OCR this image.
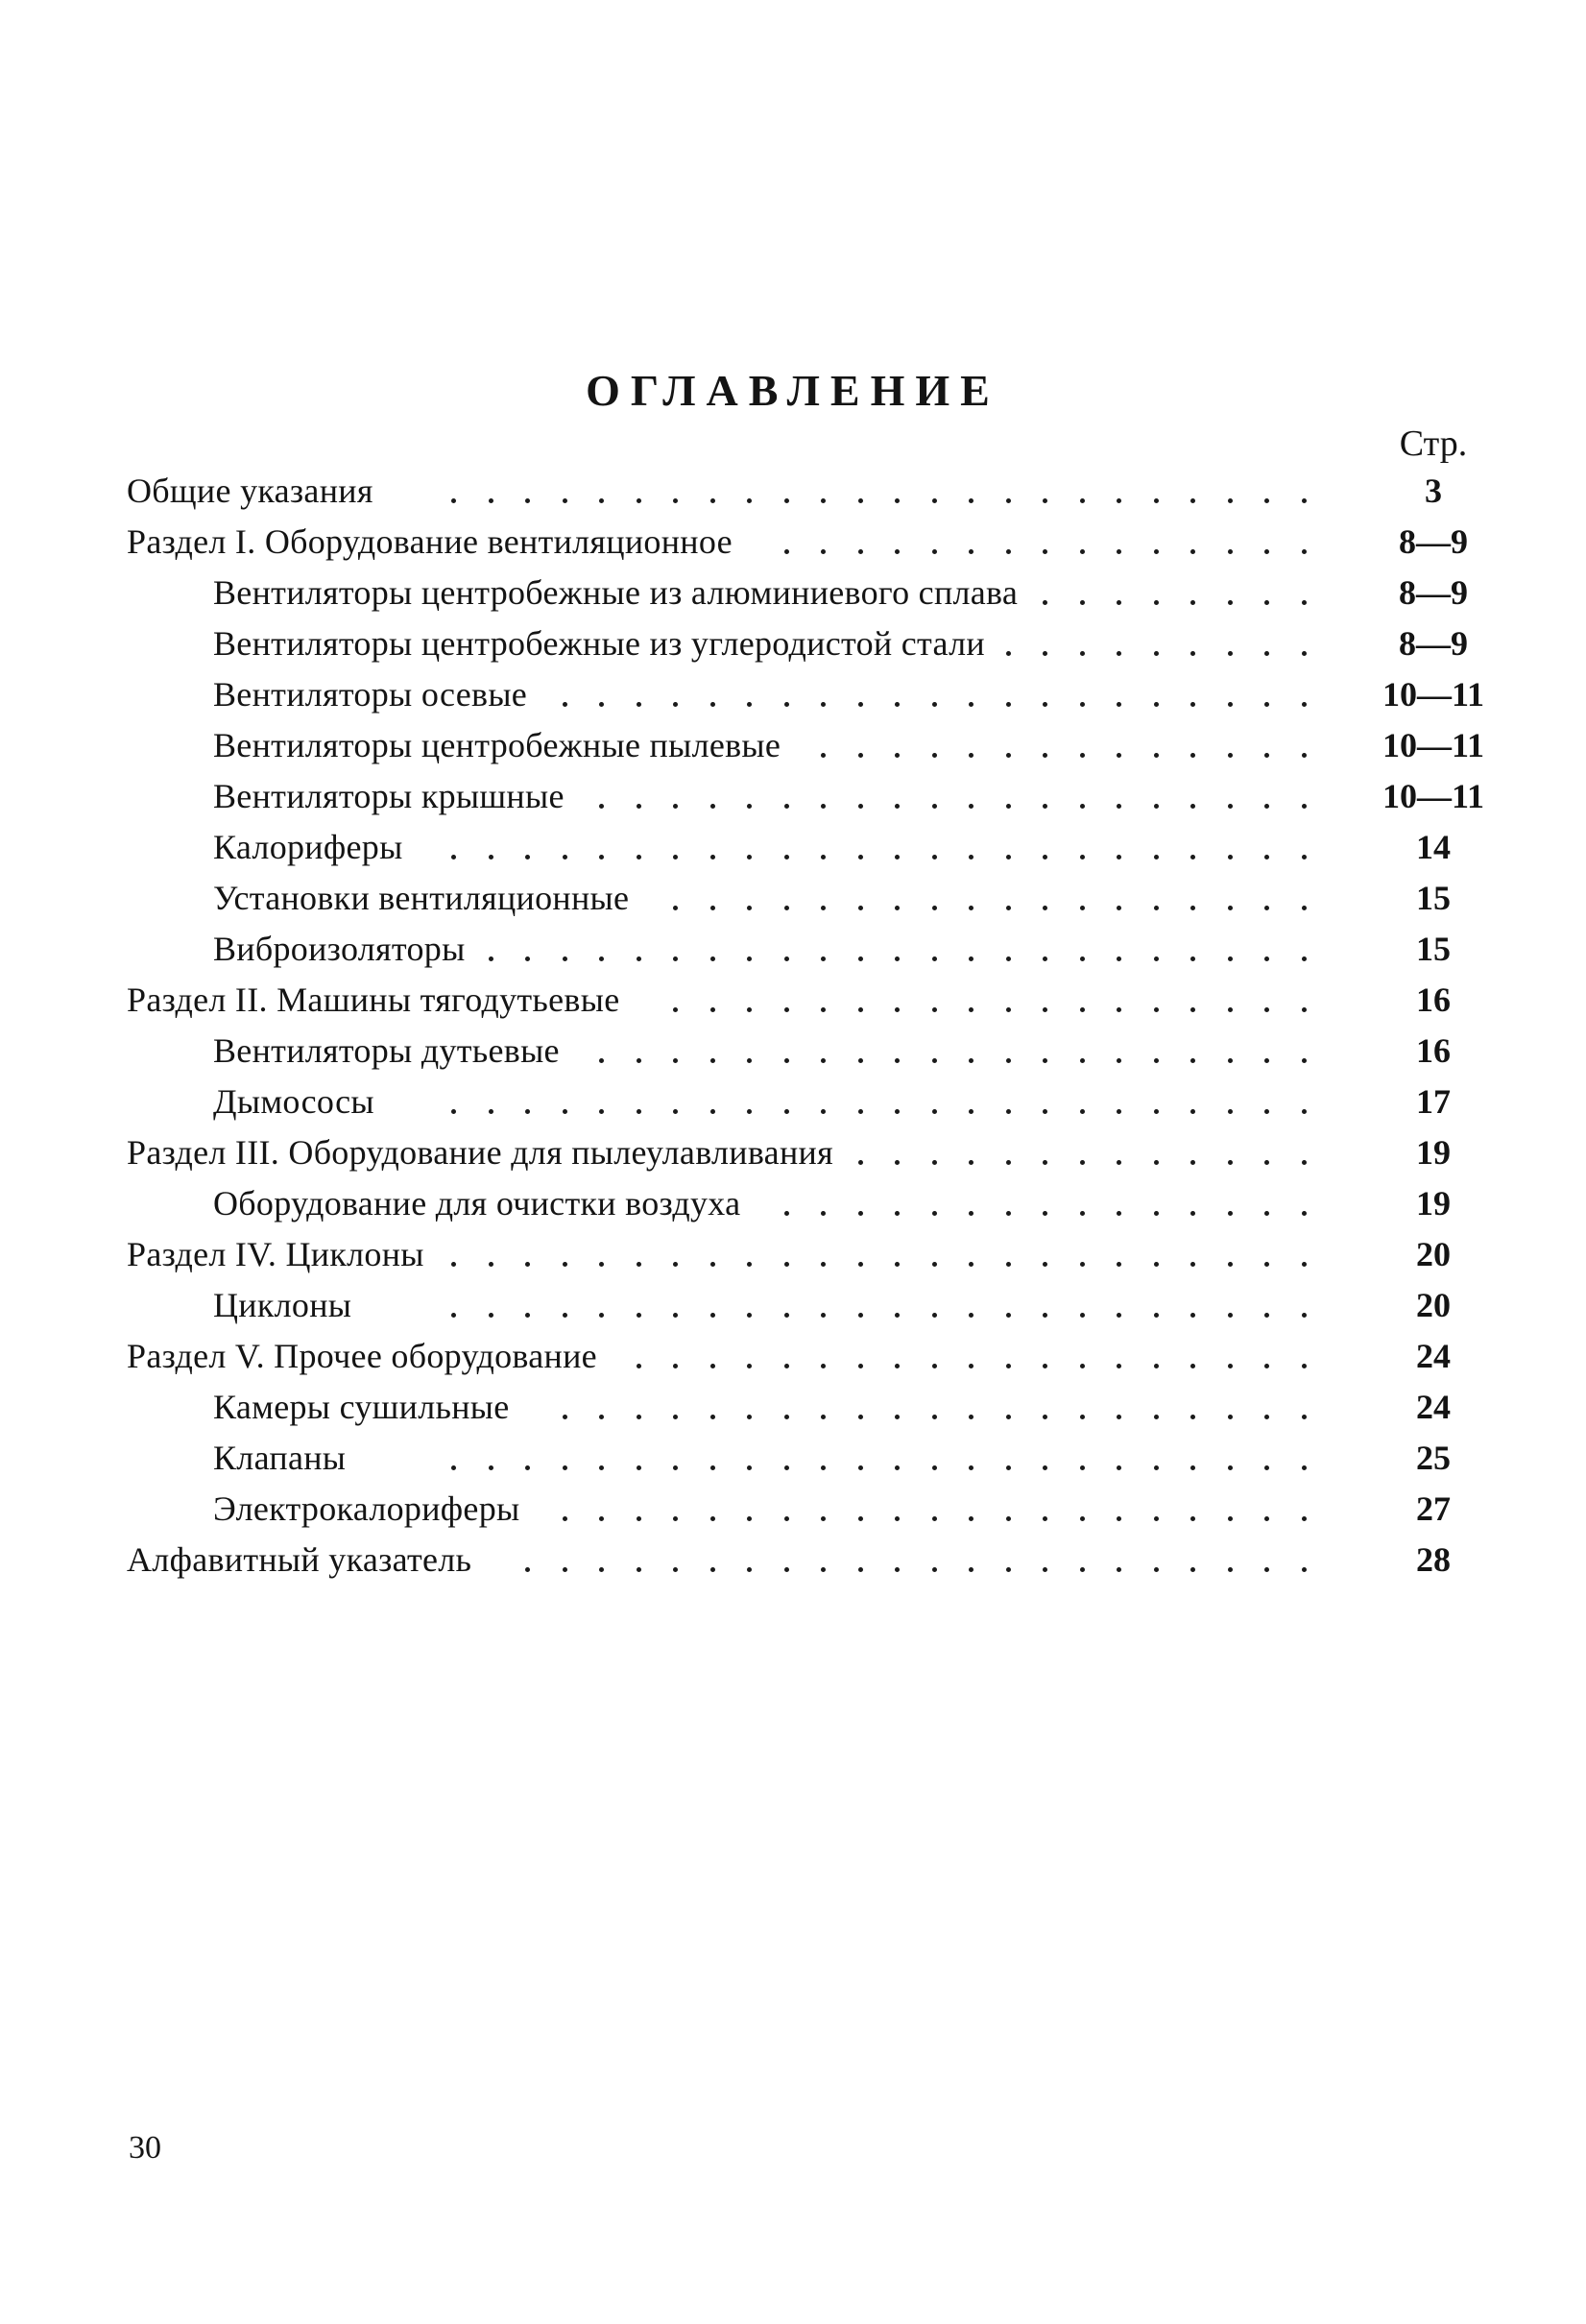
ОГЛАВЛЕНИЕ
Стр.
Общие указания	3
Раздел I. Оборудование вентиляционное	8—9
Вентиляторы центробежные из алюминиевого сплава	8—9
Вентиляторы центробежные из углеродистой стали	8—9
Вентиляторы осевые	10—11
Вентиляторы центробежные пылевые	10—11
Вентиляторы крышные	10—11
Калориферы	14
Установки вентиляционные	15
Виброизоляторы	15
Раздел II. Машины тягодутьевые	16
Вентиляторы дутьевые	16
Дымососы	17
Раздел III. Оборудование для пылеулавливания	19
Оборудование для очистки воздуха	19
Раздел IV. Циклоны	20
Циклоны	20
Раздел V. Прочее оборудование	24
Камеры сушильные	24
Клапаны	25
Электрокалориферы	27
Алфавитный указатель	28
30
